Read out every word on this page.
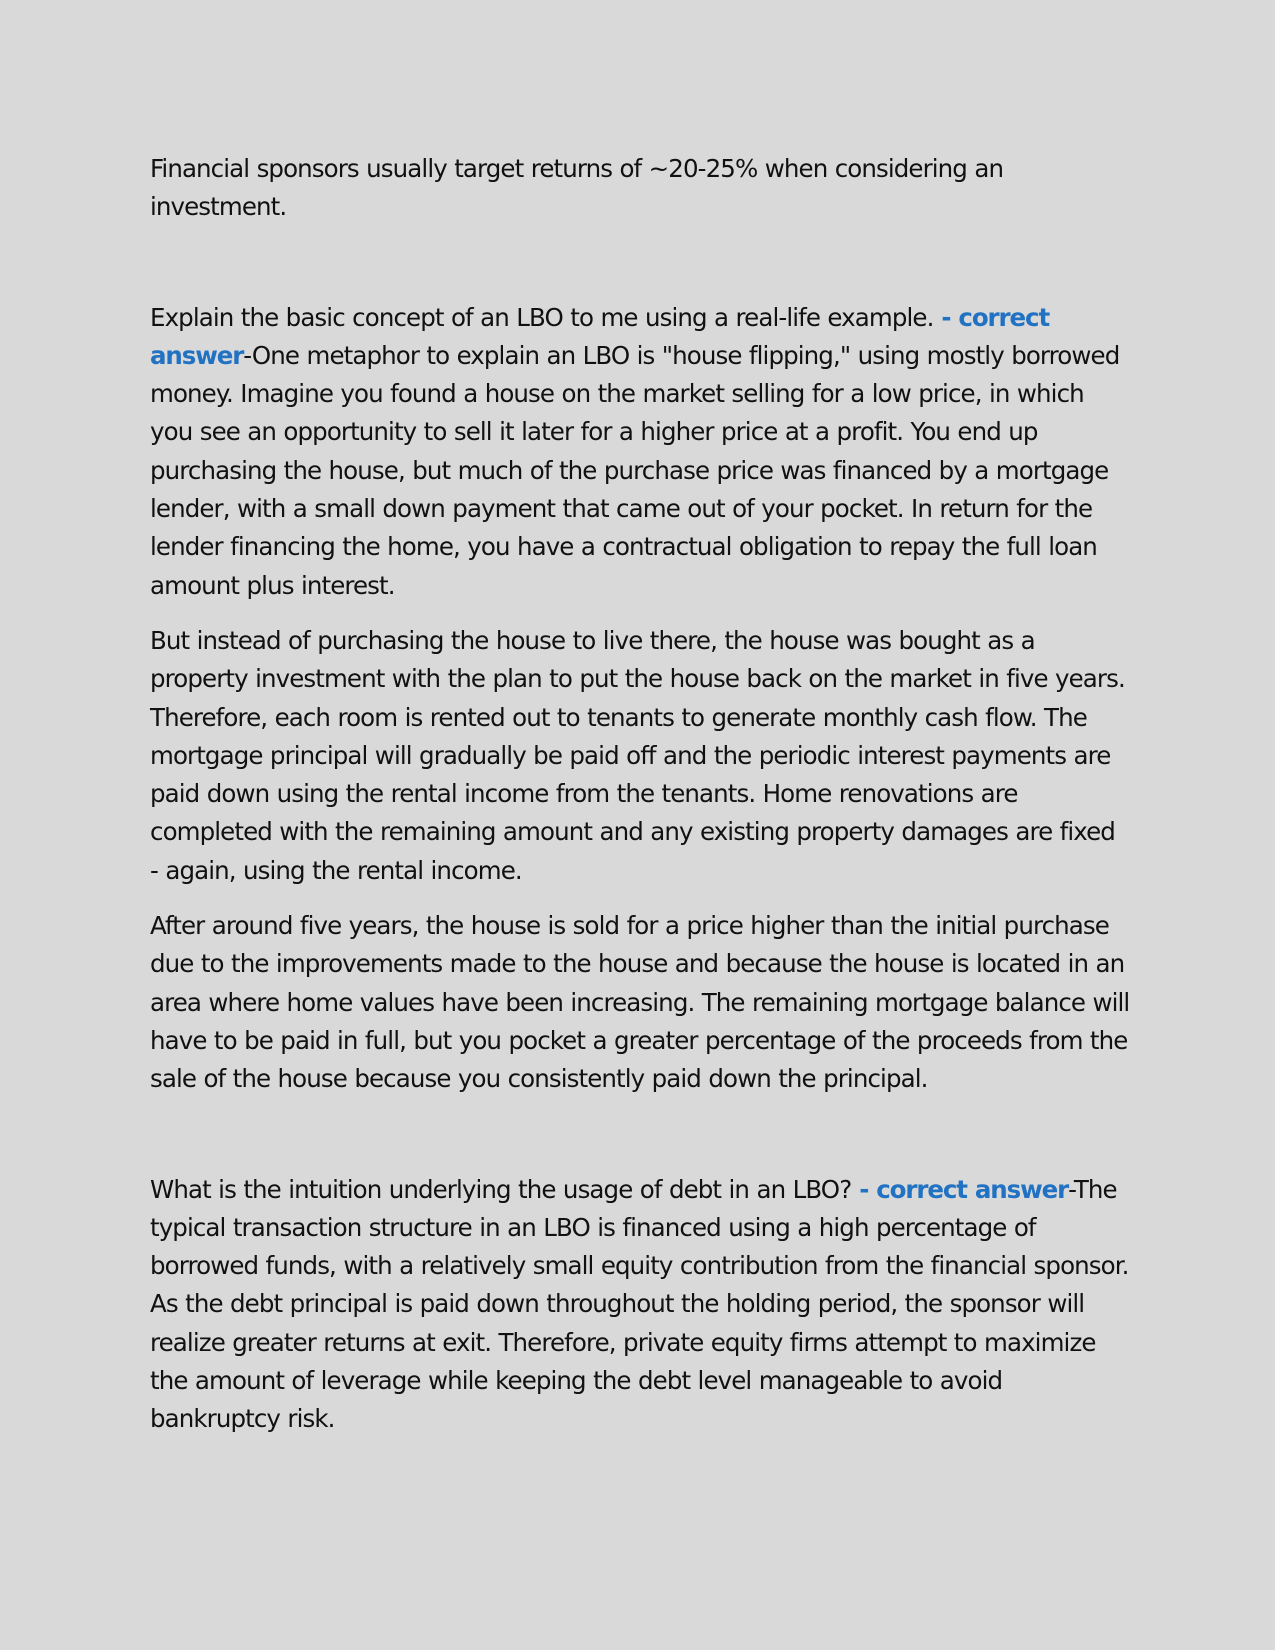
Financial sponsors usually target returns of ~20-25% when considering an investment.

Explain the basic concept of an LBO to me using a real-life example. - correct answer-One metaphor to explain an LBO is "house flipping," using mostly borrowed money. Imagine you found a house on the market selling for a low price, in which you see an opportunity to sell it later for a higher price at a profit. You end up purchasing the house, but much of the purchase price was financed by a mortgage lender, with a small down payment that came out of your pocket. In return for the lender financing the home, you have a contractual obligation to repay the full loan amount plus interest.

But instead of purchasing the house to live there, the house was bought as a property investment with the plan to put the house back on the market in five years. Therefore, each room is rented out to tenants to generate monthly cash flow. The mortgage principal will gradually be paid off and the periodic interest payments are paid down using the rental income from the tenants. Home renovations are completed with the remaining amount and any existing property damages are fixed - again, using the rental income.

After around five years, the house is sold for a price higher than the initial purchase due to the improvements made to the house and because the house is located in an area where home values have been increasing. The remaining mortgage balance will have to be paid in full, but you pocket a greater percentage of the proceeds from the sale of the house because you consistently paid down the principal.

What is the intuition underlying the usage of debt in an LBO? - correct answer-The typical transaction structure in an LBO is financed using a high percentage of borrowed funds, with a relatively small equity contribution from the financial sponsor. As the debt principal is paid down throughout the holding period, the sponsor will realize greater returns at exit. Therefore, private equity firms attempt to maximize the amount of leverage while keeping the debt level manageable to avoid bankruptcy risk.
